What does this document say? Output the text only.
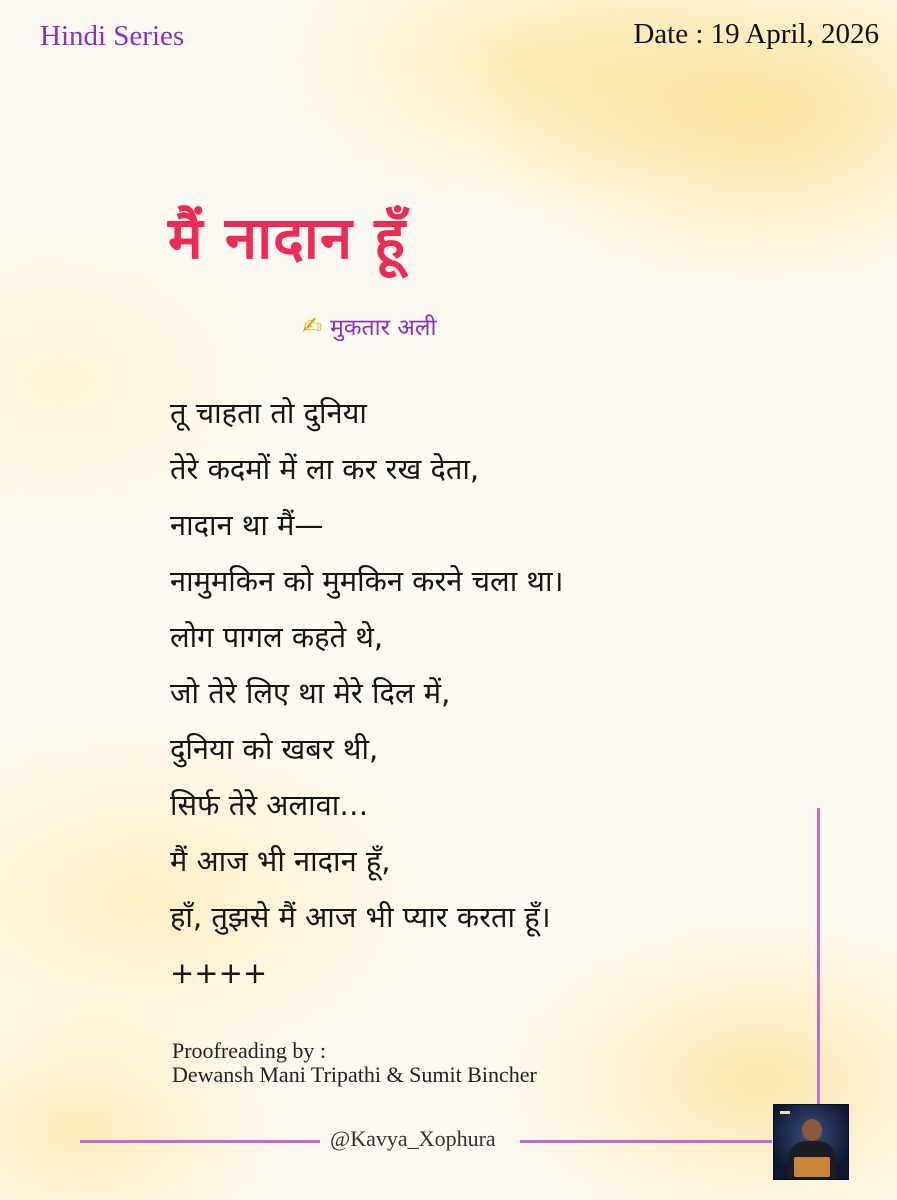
Hindi Series	Date : 19 April, 2026
मैं नादान हूँ
✍ मुकतार अली
तू चाहता तो दुनिया
तेरे कदमों में ला कर रख देता,
नादान था मैं—
नामुमकिन को मुमकिन करने चला था।
लोग पागल कहते थे,
जो तेरे लिए था मेरे दिल में,
दुनिया को खबर थी,
सिर्फ तेरे अलावा…
मैं आज भी नादान हूँ,
हाँ, तुझसे मैं आज भी प्यार करता हूँ।
++++
Proofreading by :
Dewansh Mani Tripathi & Sumit Bincher
@Kavya_Xophura
